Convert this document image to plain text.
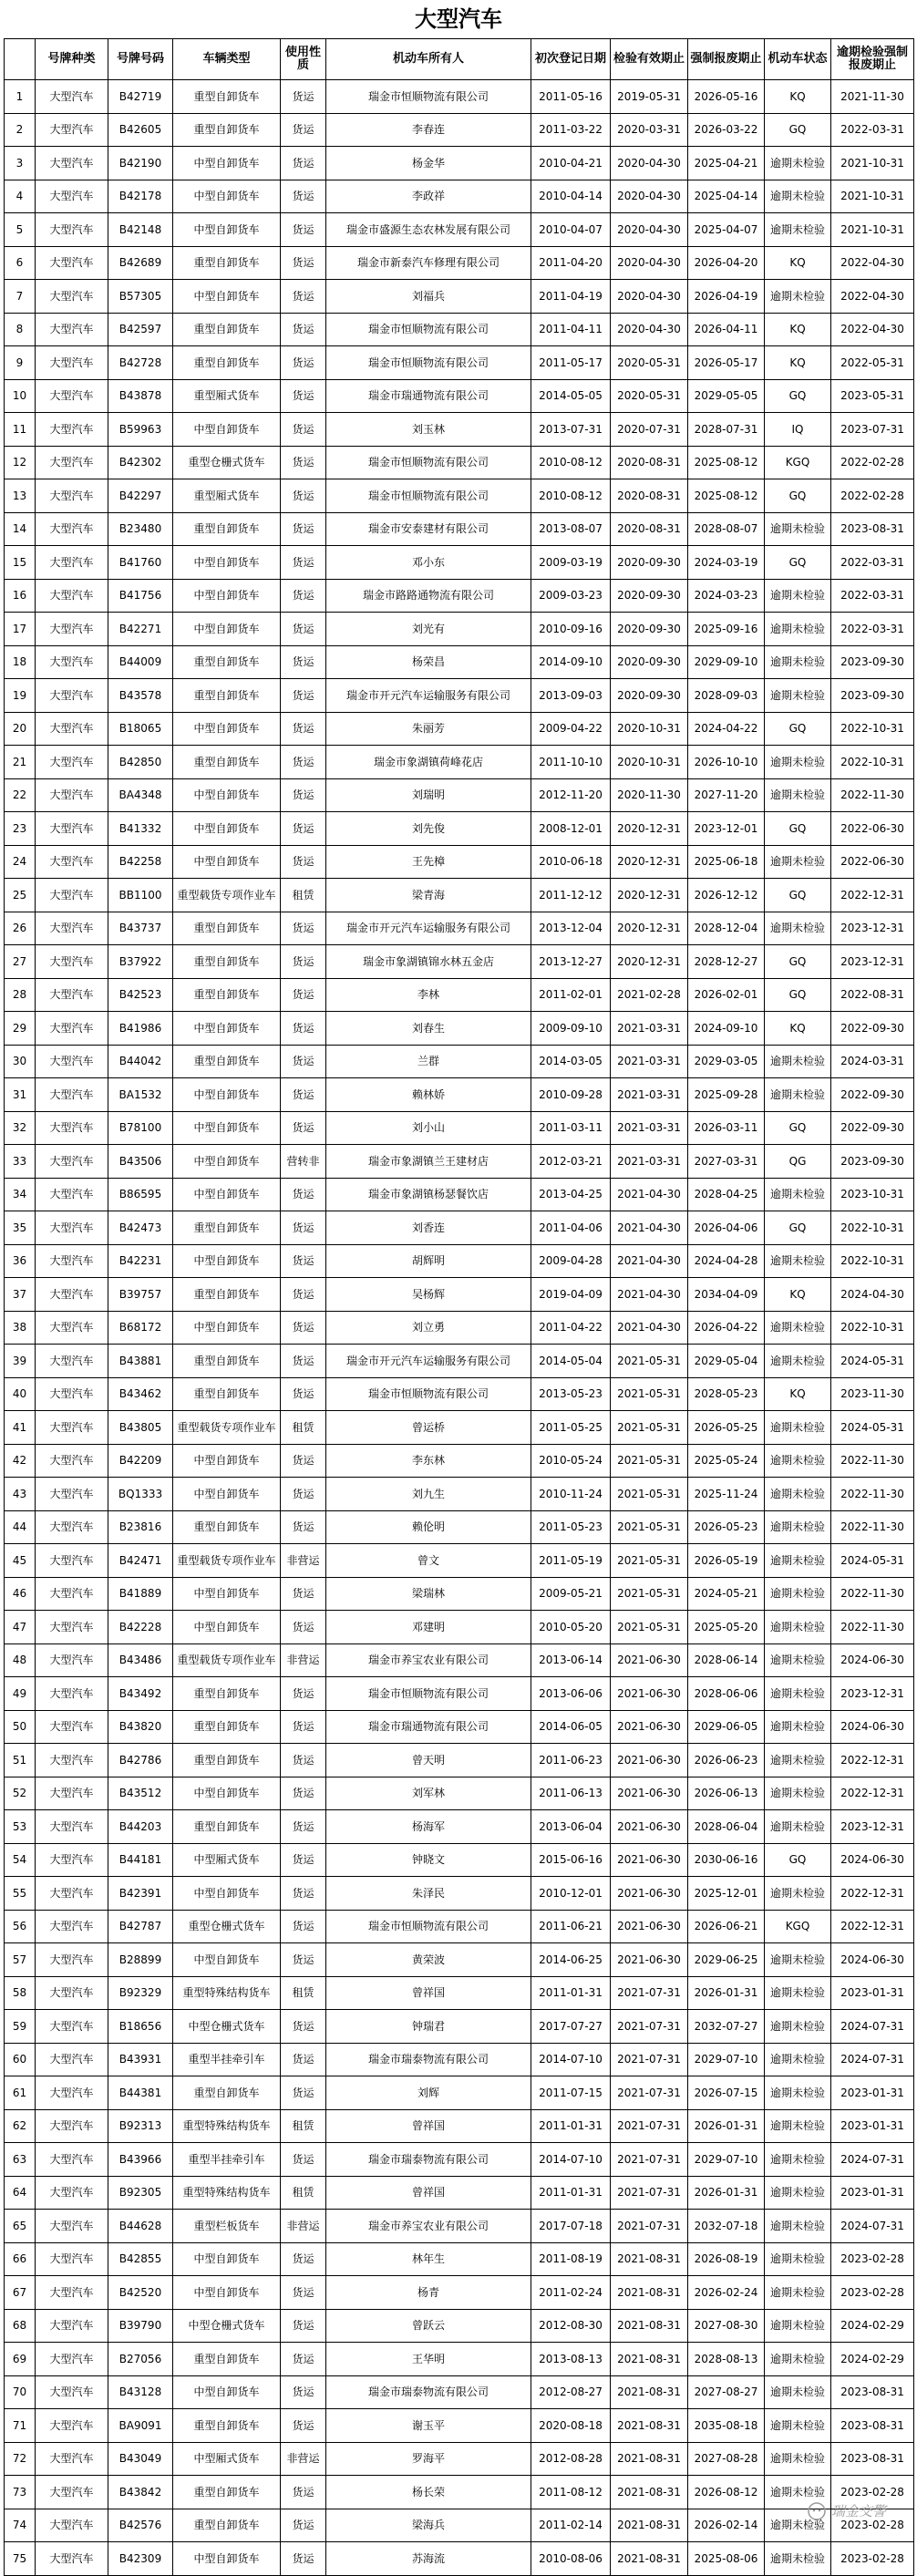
大型汽车
	号牌种类	号牌号码	车辆类型	使用性质	机动车所有人	初次登记日期	检验有效期止	强制报废期止	机动车状态	逾期检验强制报废期止
1	大型汽车	B42719	重型自卸货车	货运	瑞金市恒顺物流有限公司	2011-05-16	2019-05-31	2026-05-16	KQ	2021-11-30
2	大型汽车	B42605	重型自卸货车	货运	李春连	2011-03-22	2020-03-31	2026-03-22	GQ	2022-03-31
3	大型汽车	B42190	中型自卸货车	货运	杨金华	2010-04-21	2020-04-30	2025-04-21	逾期未检验	2021-10-31
4	大型汽车	B42178	中型自卸货车	货运	李政祥	2010-04-14	2020-04-30	2025-04-14	逾期未检验	2021-10-31
5	大型汽车	B42148	中型自卸货车	货运	瑞金市盛源生态农林发展有限公司	2010-04-07	2020-04-30	2025-04-07	逾期未检验	2021-10-31
6	大型汽车	B42689	重型自卸货车	货运	瑞金市新泰汽车修理有限公司	2011-04-20	2020-04-30	2026-04-20	KQ	2022-04-30
7	大型汽车	B57305	中型自卸货车	货运	刘福兵	2011-04-19	2020-04-30	2026-04-19	逾期未检验	2022-04-30
8	大型汽车	B42597	重型自卸货车	货运	瑞金市恒顺物流有限公司	2011-04-11	2020-04-30	2026-04-11	KQ	2022-04-30
9	大型汽车	B42728	重型自卸货车	货运	瑞金市恒顺物流有限公司	2011-05-17	2020-05-31	2026-05-17	KQ	2022-05-31
10	大型汽车	B43878	重型厢式货车	货运	瑞金市瑞通物流有限公司	2014-05-05	2020-05-31	2029-05-05	GQ	2023-05-31
11	大型汽车	B59963	中型自卸货车	货运	刘玉林	2013-07-31	2020-07-31	2028-07-31	IQ	2023-07-31
12	大型汽车	B42302	重型仓栅式货车	货运	瑞金市恒顺物流有限公司	2010-08-12	2020-08-31	2025-08-12	KGQ	2022-02-28
13	大型汽车	B42297	重型厢式货车	货运	瑞金市恒顺物流有限公司	2010-08-12	2020-08-31	2025-08-12	GQ	2022-02-28
14	大型汽车	B23480	重型自卸货车	货运	瑞金市安泰建材有限公司	2013-08-07	2020-08-31	2028-08-07	逾期未检验	2023-08-31
15	大型汽车	B41760	中型自卸货车	货运	邓小东	2009-03-19	2020-09-30	2024-03-19	GQ	2022-03-31
16	大型汽车	B41756	中型自卸货车	货运	瑞金市路路通物流有限公司	2009-03-23	2020-09-30	2024-03-23	逾期未检验	2022-03-31
17	大型汽车	B42271	中型自卸货车	货运	刘光有	2010-09-16	2020-09-30	2025-09-16	逾期未检验	2022-03-31
18	大型汽车	B44009	重型自卸货车	货运	杨荣昌	2014-09-10	2020-09-30	2029-09-10	逾期未检验	2023-09-30
19	大型汽车	B43578	重型自卸货车	货运	瑞金市开元汽车运输服务有限公司	2013-09-03	2020-09-30	2028-09-03	逾期未检验	2023-09-30
20	大型汽车	B18065	中型自卸货车	货运	朱丽芳	2009-04-22	2020-10-31	2024-04-22	GQ	2022-10-31
21	大型汽车	B42850	重型自卸货车	货运	瑞金市象湖镇荷峰花店	2011-10-10	2020-10-31	2026-10-10	逾期未检验	2022-10-31
22	大型汽车	BA4348	中型自卸货车	货运	刘瑞明	2012-11-20	2020-11-30	2027-11-20	逾期未检验	2022-11-30
23	大型汽车	B41332	中型自卸货车	货运	刘先俊	2008-12-01	2020-12-31	2023-12-01	GQ	2022-06-30
24	大型汽车	B42258	中型自卸货车	货运	王先樟	2010-06-18	2020-12-31	2025-06-18	逾期未检验	2022-06-30
25	大型汽车	BB1100	重型载货专项作业车	租赁	梁青海	2011-12-12	2020-12-31	2026-12-12	GQ	2022-12-31
26	大型汽车	B43737	重型自卸货车	货运	瑞金市开元汽车运输服务有限公司	2013-12-04	2020-12-31	2028-12-04	逾期未检验	2023-12-31
27	大型汽车	B37922	重型自卸货车	货运	瑞金市象湖镇锦水林五金店	2013-12-27	2020-12-31	2028-12-27	GQ	2023-12-31
28	大型汽车	B42523	重型自卸货车	货运	李林	2011-02-01	2021-02-28	2026-02-01	GQ	2022-08-31
29	大型汽车	B41986	中型自卸货车	货运	刘春生	2009-09-10	2021-03-31	2024-09-10	KQ	2022-09-30
30	大型汽车	B44042	重型自卸货车	货运	兰群	2014-03-05	2021-03-31	2029-03-05	逾期未检验	2024-03-31
31	大型汽车	BA1532	中型自卸货车	货运	赖林娇	2010-09-28	2021-03-31	2025-09-28	逾期未检验	2022-09-30
32	大型汽车	B78100	中型自卸货车	货运	刘小山	2011-03-11	2021-03-31	2026-03-11	GQ	2022-09-30
33	大型汽车	B43506	中型自卸货车	营转非	瑞金市象湖镇兰王建材店	2012-03-21	2021-03-31	2027-03-31	QG	2023-09-30
34	大型汽车	B86595	中型自卸货车	货运	瑞金市象湖镇杨瑟餐饮店	2013-04-25	2021-04-30	2028-04-25	逾期未检验	2023-10-31
35	大型汽车	B42473	重型自卸货车	货运	刘香连	2011-04-06	2021-04-30	2026-04-06	GQ	2022-10-31
36	大型汽车	B42231	中型自卸货车	货运	胡辉明	2009-04-28	2021-04-30	2024-04-28	逾期未检验	2022-10-31
37	大型汽车	B39757	重型自卸货车	货运	吴杨辉	2019-04-09	2021-04-30	2034-04-09	KQ	2024-04-30
38	大型汽车	B68172	中型自卸货车	货运	刘立勇	2011-04-22	2021-04-30	2026-04-22	逾期未检验	2022-10-31
39	大型汽车	B43881	重型自卸货车	货运	瑞金市开元汽车运输服务有限公司	2014-05-04	2021-05-31	2029-05-04	逾期未检验	2024-05-31
40	大型汽车	B43462	重型自卸货车	货运	瑞金市恒顺物流有限公司	2013-05-23	2021-05-31	2028-05-23	KQ	2023-11-30
41	大型汽车	B43805	重型载货专项作业车	租赁	曾运桥	2011-05-25	2021-05-31	2026-05-25	逾期未检验	2024-05-31
42	大型汽车	B42209	中型自卸货车	货运	李东林	2010-05-24	2021-05-31	2025-05-24	逾期未检验	2022-11-30
43	大型汽车	BQ1333	中型自卸货车	货运	刘九生	2010-11-24	2021-05-31	2025-11-24	逾期未检验	2022-11-30
44	大型汽车	B23816	重型自卸货车	货运	赖伦明	2011-05-23	2021-05-31	2026-05-23	逾期未检验	2022-11-30
45	大型汽车	B42471	重型载货专项作业车	非营运	曾文	2011-05-19	2021-05-31	2026-05-19	逾期未检验	2024-05-31
46	大型汽车	B41889	中型自卸货车	货运	梁瑞林	2009-05-21	2021-05-31	2024-05-21	逾期未检验	2022-11-30
47	大型汽车	B42228	中型自卸货车	货运	邓建明	2010-05-20	2021-05-31	2025-05-20	逾期未检验	2022-11-30
48	大型汽车	B43486	重型载货专项作业车	非营运	瑞金市养宝农业有限公司	2013-06-14	2021-06-30	2028-06-14	逾期未检验	2024-06-30
49	大型汽车	B43492	重型自卸货车	货运	瑞金市恒顺物流有限公司	2013-06-06	2021-06-30	2028-06-06	逾期未检验	2023-12-31
50	大型汽车	B43820	重型自卸货车	货运	瑞金市瑞通物流有限公司	2014-06-05	2021-06-30	2029-06-05	逾期未检验	2024-06-30
51	大型汽车	B42786	重型自卸货车	货运	曾天明	2011-06-23	2021-06-30	2026-06-23	逾期未检验	2022-12-31
52	大型汽车	B43512	中型自卸货车	货运	刘军林	2011-06-13	2021-06-30	2026-06-13	逾期未检验	2022-12-31
53	大型汽车	B44203	重型自卸货车	货运	杨海军	2013-06-04	2021-06-30	2028-06-04	逾期未检验	2023-12-31
54	大型汽车	B44181	中型厢式货车	货运	钟晓文	2015-06-16	2021-06-30	2030-06-16	GQ	2024-06-30
55	大型汽车	B42391	中型自卸货车	货运	朱泽民	2010-12-01	2021-06-30	2025-12-01	逾期未检验	2022-12-31
56	大型汽车	B42787	重型仓栅式货车	货运	瑞金市恒顺物流有限公司	2011-06-21	2021-06-30	2026-06-21	KGQ	2022-12-31
57	大型汽车	B28899	中型自卸货车	货运	黄荣波	2014-06-25	2021-06-30	2029-06-25	逾期未检验	2024-06-30
58	大型汽车	B92329	重型特殊结构货车	租赁	曾祥国	2011-01-31	2021-07-31	2026-01-31	逾期未检验	2023-01-31
59	大型汽车	B18656	中型仓栅式货车	货运	钟瑞君	2017-07-27	2021-07-31	2032-07-27	逾期未检验	2024-07-31
60	大型汽车	B43931	重型半挂牵引车	货运	瑞金市瑞泰物流有限公司	2014-07-10	2021-07-31	2029-07-10	逾期未检验	2024-07-31
61	大型汽车	B44381	重型自卸货车	货运	刘辉	2011-07-15	2021-07-31	2026-07-15	逾期未检验	2023-01-31
62	大型汽车	B92313	重型特殊结构货车	租赁	曾祥国	2011-01-31	2021-07-31	2026-01-31	逾期未检验	2023-01-31
63	大型汽车	B43966	重型半挂牵引车	货运	瑞金市瑞泰物流有限公司	2014-07-10	2021-07-31	2029-07-10	逾期未检验	2024-07-31
64	大型汽车	B92305	重型特殊结构货车	租赁	曾祥国	2011-01-31	2021-07-31	2026-01-31	逾期未检验	2023-01-31
65	大型汽车	B44628	重型栏板货车	非营运	瑞金市养宝农业有限公司	2017-07-18	2021-07-31	2032-07-18	逾期未检验	2024-07-31
66	大型汽车	B42855	中型自卸货车	货运	林年生	2011-08-19	2021-08-31	2026-08-19	逾期未检验	2023-02-28
67	大型汽车	B42520	中型自卸货车	货运	杨青	2011-02-24	2021-08-31	2026-02-24	逾期未检验	2023-02-28
68	大型汽车	B39790	中型仓栅式货车	货运	曾跃云	2012-08-30	2021-08-31	2027-08-30	逾期未检验	2024-02-29
69	大型汽车	B27056	重型自卸货车	货运	王华明	2013-08-13	2021-08-31	2028-08-13	逾期未检验	2024-02-29
70	大型汽车	B43128	中型自卸货车	货运	瑞金市瑞泰物流有限公司	2012-08-27	2021-08-31	2027-08-27	逾期未检验	2023-08-31
71	大型汽车	BA9091	重型自卸货车	货运	谢玉平	2020-08-18	2021-08-31	2035-08-18	逾期未检验	2023-08-31
72	大型汽车	B43049	中型厢式货车	非营运	罗海平	2012-08-28	2021-08-31	2027-08-28	逾期未检验	2023-08-31
73	大型汽车	B43842	重型自卸货车	货运	杨长荣	2011-08-12	2021-08-31	2026-08-12	逾期未检验	2023-02-28
74	大型汽车	B42576	重型自卸货车	货运	梁海兵	2011-02-14	2021-08-31	2026-02-14	逾期未检验	2023-02-28
75	大型汽车	B42309	中型自卸货车	货运	苏海流	2010-08-06	2021-08-31	2025-08-06	逾期未检验	2023-02-28
瑞金交警
